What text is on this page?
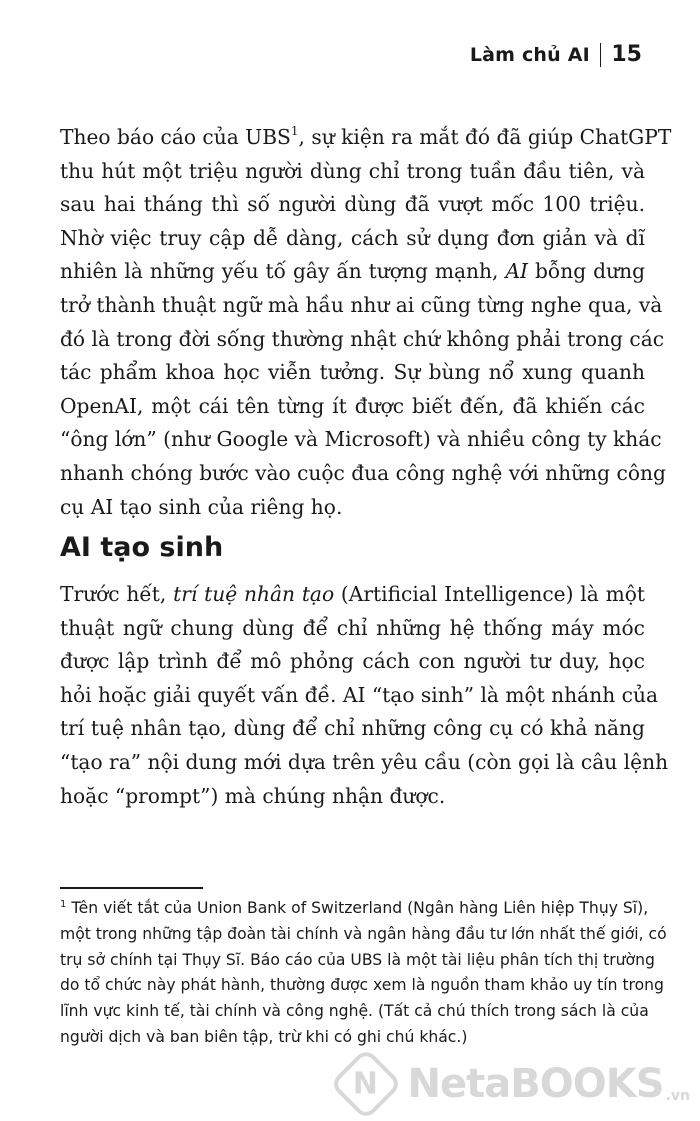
Làm chủ AI 15
Theo báo cáo của UBS$^1$, sự kiện ra mắt đó đã giúp ChatGPT
thu hút một triệu người dùng chỉ trong tuần đầu tiên, và
sau hai tháng thì số người dùng đã vượt mốc 100 triệu.
Nhờ việc truy cập dễ dàng, cách sử dụng đơn giản và dĩ
nhiên là những yếu tố gây ấn tượng mạnh, AI bỗng dưng
trở thành thuật ngữ mà hầu như ai cũng từng nghe qua, và
đó là trong đời sống thường nhật chứ không phải trong các
tác phẩm khoa học viễn tưởng. Sự bùng nổ xung quanh
OpenAI, một cái tên từng ít được biết đến, đã khiến các
“ông lớn” (như Google và Microsoft) và nhiều công ty khác
nhanh chóng bước vào cuộc đua công nghệ với những công
cụ AI tạo sinh của riêng họ.
AI tạo sinh
Trước hết, trí tuệ nhân tạo (Artificial Intelligence) là một
thuật ngữ chung dùng để chỉ những hệ thống máy móc
được lập trình để mô phỏng cách con người tư duy, học
hỏi hoặc giải quyết vấn đề. AI “tạo sinh” là một nhánh của
trí tuệ nhân tạo, dùng để chỉ những công cụ có khả năng
“tạo ra” nội dung mới dựa trên yêu cầu (còn gọi là câu lệnh
hoặc “prompt”) mà chúng nhận được.
$^1$ Tên viết tắt của Union Bank of Switzerland (Ngân hàng Liên hiệp Thụy Sĩ),
một trong những tập đoàn tài chính và ngân hàng đầu tư lớn nhất thế giới, có
trụ sở chính tại Thụy Sĩ. Báo cáo của UBS là một tài liệu phân tích thị trường
do tổ chức này phát hành, thường được xem là nguồn tham khảo uy tín trong
lĩnh vực kinh tế, tài chính và công nghệ. (Tất cả chú thích trong sách là của
người dịch và ban biên tập, trừ khi có ghi chú khác.)
N NetaBOOKS .vn
